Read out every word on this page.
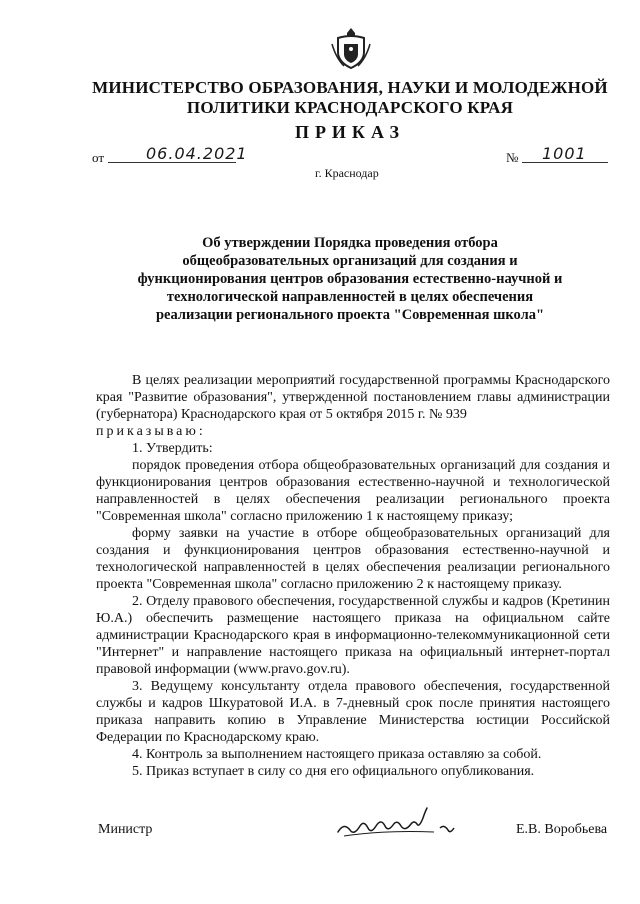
МИНИСТЕРСТВО ОБРАЗОВАНИЯ, НАУКИ И МОЛОДЕЖНОЙ ПОЛИТИКИ КРАСНОДАРСКОГО КРАЯ
ПРИКАЗ
от	06.04.2021	№ 1001
г. Краснодар
Об утверждении Порядка проведения отбора общеобразовательных организаций для создания и функционирования центров образования естественно-научной и технологической направленностей в целях обеспечения реализации регионального проекта "Современная школа"

В целях реализации мероприятий государственной программы Краснодарского края "Развитие образования", утвержденной постановлением главы администрации (губернатора) Краснодарского края от 5 октября 2015 г. № 939

приказываю:

1. Утвердить:

порядок проведения отбора общеобразовательных организаций для создания и функционирования центров образования естественно-научной и технологической направленностей в целях обеспечения реализации регионального проекта "Современная школа" согласно приложению 1 к настоящему приказу;

форму заявки на участие в отборе общеобразовательных организаций для создания и функционирования центров образования естественно-научной и технологической направленностей в целях обеспечения реализации регионального проекта "Современная школа" согласно приложению 2 к настоящему приказу.

2. Отделу правового обеспечения, государственной службы и кадров (Кретинин Ю.А.) обеспечить размещение настоящего приказа на официальном сайте администрации Краснодарского края в информационно-телекоммуникационной сети "Интернет" и направление настоящего приказа на официальный интернет-портал правовой информации (www.pravo.gov.ru).

3. Ведущему консультанту отдела правового обеспечения, государственной службы и кадров Шкуратовой И.А. в 7-дневный срок после принятия настоящего приказа направить копию в Управление Министерства юстиции Российской Федерации по Краснодарскому краю.

4. Контроль за выполнением настоящего приказа оставляю за собой.

5. Приказ вступает в силу со дня его официального опубликования.

Министр	Е.В. Воробьева
